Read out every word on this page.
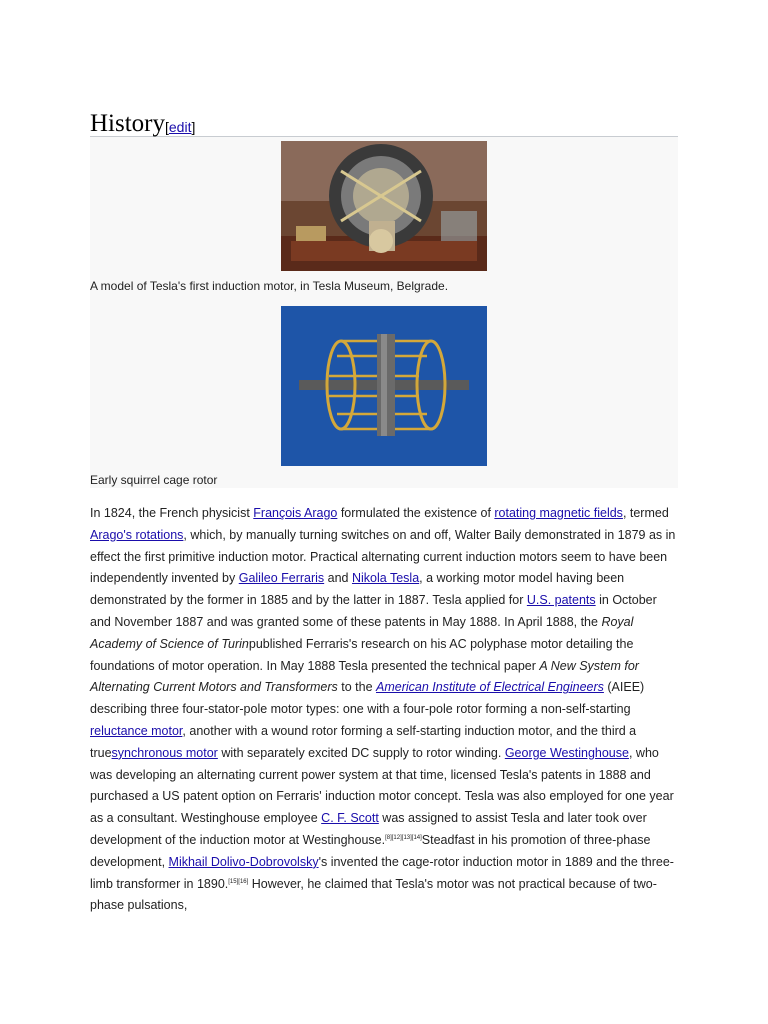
History [edit]
A model of Tesla's first induction motor, in Tesla Museum, Belgrade.
Early squirrel cage rotor
In 1824, the French physicist François Arago formulated the existence of rotating magnetic fields, termed Arago's rotations, which, by manually turning switches on and off, Walter Baily demonstrated in 1879 as in effect the first primitive induction motor. Practical alternating current induction motors seem to have been independently invented by Galileo Ferraris and Nikola Tesla, a working motor model having been demonstrated by the former in 1885 and by the latter in 1887. Tesla applied for U.S. patents in October and November 1887 and was granted some of these patents in May 1888. In April 1888, the Royal Academy of Science of Turinpublished Ferraris's research on his AC polyphase motor detailing the foundations of motor operation. In May 1888 Tesla presented the technical paper A New System for Alternating Current Motors and Transformers to the American Institute of Electrical Engineers (AIEE) describing three four-stator-pole motor types: one with a four-pole rotor forming a non-self-starting reluctance motor, another with a wound rotor forming a self-starting induction motor, and the third a truesynchronous motor with separately excited DC supply to rotor winding. George Westinghouse, who was developing an alternating current power system at that time, licensed Tesla's patents in 1888 and purchased a US patent option on Ferraris' induction motor concept. Tesla was also employed for one year as a consultant. Westinghouse employee C. F. Scott was assigned to assist Tesla and later took over development of the induction motor at Westinghouse.[8][12][13][14]Steadfast in his promotion of three-phase development, Mikhail Dolivo-Dobrovolsky's invented the cage-rotor induction motor in 1889 and the three-limb transformer in 1890.[15][16] However, he claimed that Tesla's motor was not practical because of two-phase pulsations,
